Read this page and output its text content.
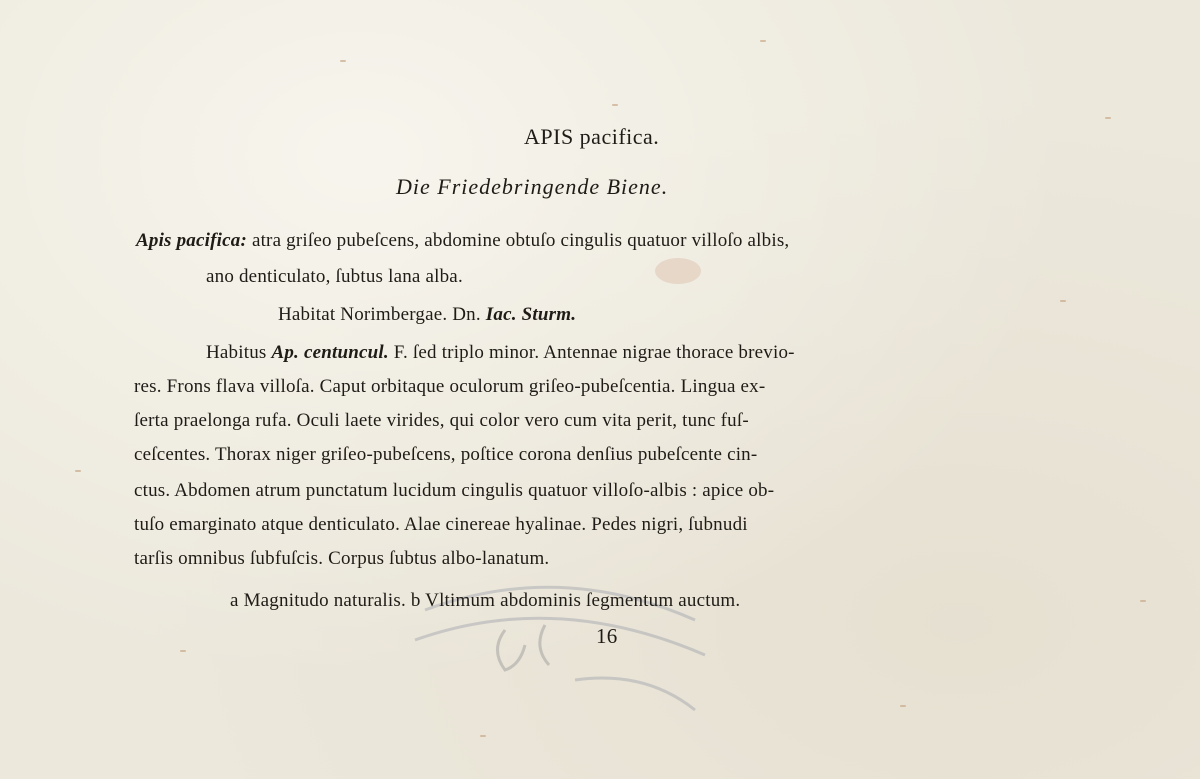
APIS pacifica.
Die Friedebringende Biene.
Apis pacifica: atra griſeo pubeſcens, abdomine obtuſo cingulis quatuor villoſo albis,
ano denticulato, ſubtus lana alba.
Habitat Norimbergae. Dn. Iac. Sturm.
Habitus Ap. centuncul. F. ſed triplo minor. Antennae nigrae thorace brevio-
res. Frons flava villoſa. Caput orbitaque oculorum griſeo-pubeſcentia. Lingua ex-
ſerta praelonga rufa. Oculi laete virides, qui color vero cum vita perit, tunc fuſ-
ceſcentes. Thorax niger griſeo-pubeſcens, poſtice corona denſius pubeſcente cin-
ctus. Abdomen atrum punctatum lucidum cingulis quatuor villoſo-albis : apice ob-
tuſo emarginato atque denticulato. Alae cinereae hyalinae. Pedes nigri, ſubnudi
tarſis omnibus ſubfuſcis. Corpus ſubtus albo-lanatum.
a Magnitudo naturalis. b Vltimum abdominis ſegmentum auctum.
16
